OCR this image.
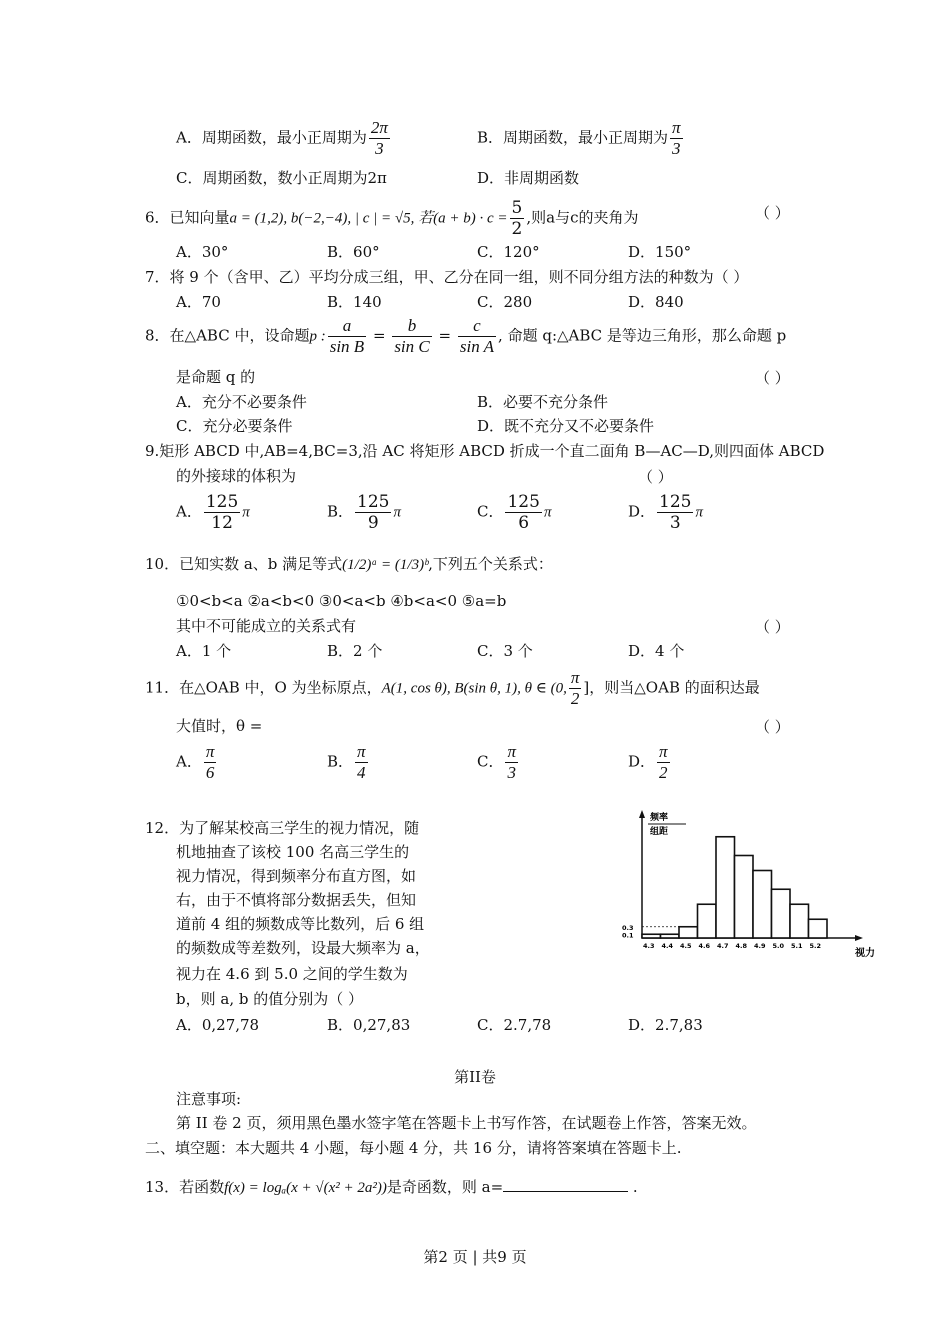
A．周期函数，最小正周期为 $\frac{2\pi}{3}$	B．周期函数，最小正周期为 $\frac{\pi}{3}$
C．周期函数，数小正周期为2π	D．非周期函数
6．已知向量a = (1,2), b(−2,−4), | c | = √5, 若$(a + b) \cdot c = \frac{5}{2}$ ,则a与c的夹角为	（ ）
A．30°	B．60°	C．120°	D．150°
7．将 9 个（含甲、乙）平均分成三组，甲、乙分在同一组，则不同分组方法的种数为（ ）
A．70	B．140	C．280	D．840
8．在△ABC 中，设命题p : $\frac{a}{\text{sin B}} = \frac{b}{\text{sin C}} = \frac{c}{\text{sin A}}$ , 命题 q:△ABC 是等边三角形，那么命题 p
是命题 q 的	（ ）
A．充分不必要条件	B．必要不充分条件
C．充分必要条件	D．既不充分又不必要条件
9.矩形 ABCD 中,AB=4,BC=3,沿 AC 将矩形 ABCD 折成一个直二面角 B—AC—D,则四面体 ABCD
的外接球的体积为	（ ）
A． $\frac{125}{12}$ π	B． $\frac{125}{9}$ π	C． $\frac{125}{6}$ π	D． $\frac{125}{3}$ π
10．已知实数 a、b 满足等式(1/2)ᵃ = (1/3)ᵇ,下列五个关系式：
①0<b<a ②a<b<0 ③0<a<b ④b<a<0 ⑤a=b
其中不可能成立的关系式有	（ ）
A．1 个	B．2 个	C．3 个	D．4 个
11．在△OAB 中，O 为坐标原点，A(1, cos θ), B(sin θ, 1), θ ∈ (0, $\frac{\pi}{2}$ ]，则当△OAB 的面积达最
大值时，θ =	（ ）
A． $\frac{\pi}{6}$	B． $\frac{\pi}{4}$	C． $\frac{\pi}{3}$	D． $\frac{\pi}{2}$
12．为了解某校高三学生的视力情况，随
机地抽查了该校 100 名高三学生的
视力情况，得到频率分布直方图，如
右，由于不慎将部分数据丢失，但知
道前 4 组的频数成等比数列，后 6 组
的频数成等差数列，设最大频率为 a，
视力在 4.6 到 5.0 之间的学生数为
b，则 a, b 的值分别为（ ）
A．0,27,78	B．0,27,83	C．2.7,78	D．2.7,83
频率
组距
视力
4.3 4.4 4.5 4.6 4.7 4.8 4.9 5.0 5.1 5.2
0.1
0.3
第II卷
注意事项:
第 II 卷 2 页，须用黑色墨水签字笔在答题卡上书写作答，在试题卷上作答，答案无效。
二、填空题：本大题共 4 小题，每小题 4 分，共 16 分，请将答案填在答题卡上.
13．若函数f(x) = logₐ(x + √(x² + 2a²))是奇函数，则 a=	.
第2 页 | 共9 页
